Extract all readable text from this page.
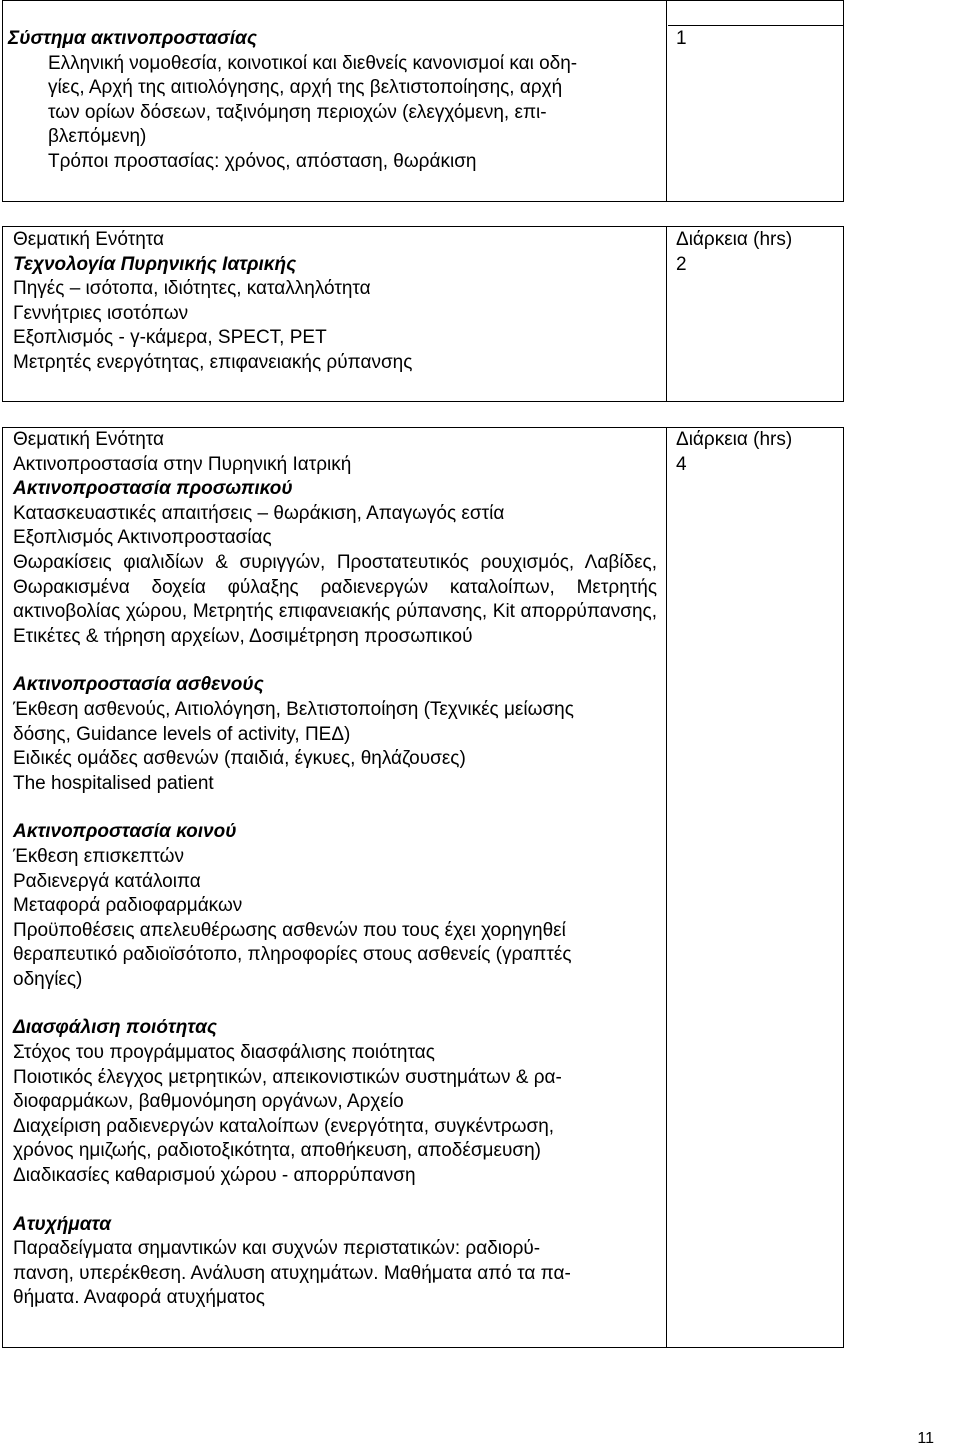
Σύστημα ακτινοπροστασίας
Ελληνική νομοθεσία, κοινοτικοί και διεθνείς κανονισμοί και οδη-
γίες, Αρχή της αιτιολόγησης, αρχή της βελτιστοποίησης, αρχή
των ορίων δόσεων, ταξινόμηση περιοχών (ελεγχόμενη, επι-
βλεπόμενη)
Τρόποι προστασίας: χρόνος, απόσταση, θωράκιση
1
Θεματική Ενότητα
Τεχνολογία Πυρηνικής Ιατρικής
Πηγές – ισότοπα, ιδιότητες, καταλληλότητα
Γεννήτριες ισοτόπων
Εξοπλισμός - γ-κάμερα, SPECT, PET
Μετρητές ενεργότητας, επιφανειακής ρύπανσης
Διάρκεια (hrs)
2
Θεματική Ενότητα
Ακτινοπροστασία στην Πυρηνική Ιατρική
Ακτινοπροστασία προσωπικού
Κατασκευαστικές απαιτήσεις – θωράκιση, Απαγωγός εστία
Εξοπλισμός Ακτινοπροστασίας
Θωρακίσεις φιαλιδίων & συριγγών, Προστατευτικός ρουχισμός, Λαβίδες, Θωρακισμένα δοχεία φύλαξης ραδιενεργών καταλοίπων, Μετρητής ακτινοβολίας χώρου, Μετρητής επιφανειακής ρύπανσης, Kit απορρύπανσης, Ετικέτες & τήρηση αρχείων, Δοσιμέτρηση προσωπικού
Ακτινοπροστασία ασθενούς
Έκθεση ασθενούς, Αιτιολόγηση, Βελτιστοποίηση (Τεχνικές μείωσης
δόσης, Guidance levels of activity, ΠΕΔ)
Ειδικές ομάδες ασθενών (παιδιά, έγκυες, θηλάζουσες)
The hospitalised patient
Ακτινοπροστασία κοινού
Έκθεση επισκεπτών
Ραδιενεργά κατάλοιπα
Μεταφορά ραδιοφαρμάκων
Προϋποθέσεις απελευθέρωσης ασθενών που τους έχει χορηγηθεί
θεραπευτικό ραδιοϊσότοπο, πληροφορίες στους ασθενείς (γραπτές
οδηγίες)
Διασφάλιση ποιότητας
Στόχος του προγράμματος διασφάλισης ποιότητας
Ποιοτικός έλεγχος μετρητικών, απεικονιστικών συστημάτων & ρα-
διοφαρμάκων, βαθμονόμηση οργάνων, Αρχείο
Διαχείριση ραδιενεργών καταλοίπων (ενεργότητα, συγκέντρωση,
χρόνος ημιζωής, ραδιοτοξικότητα, αποθήκευση, αποδέσμευση)
Διαδικασίες καθαρισμού χώρου - απορρύπανση
Ατυχήματα
Παραδείγματα σημαντικών και συχνών περιστατικών: ραδιορύ-
πανση, υπερέκθεση. Ανάλυση ατυχημάτων. Μαθήματα από τα πα-
θήματα. Αναφορά ατυχήματος
Διάρκεια (hrs)
4
11
